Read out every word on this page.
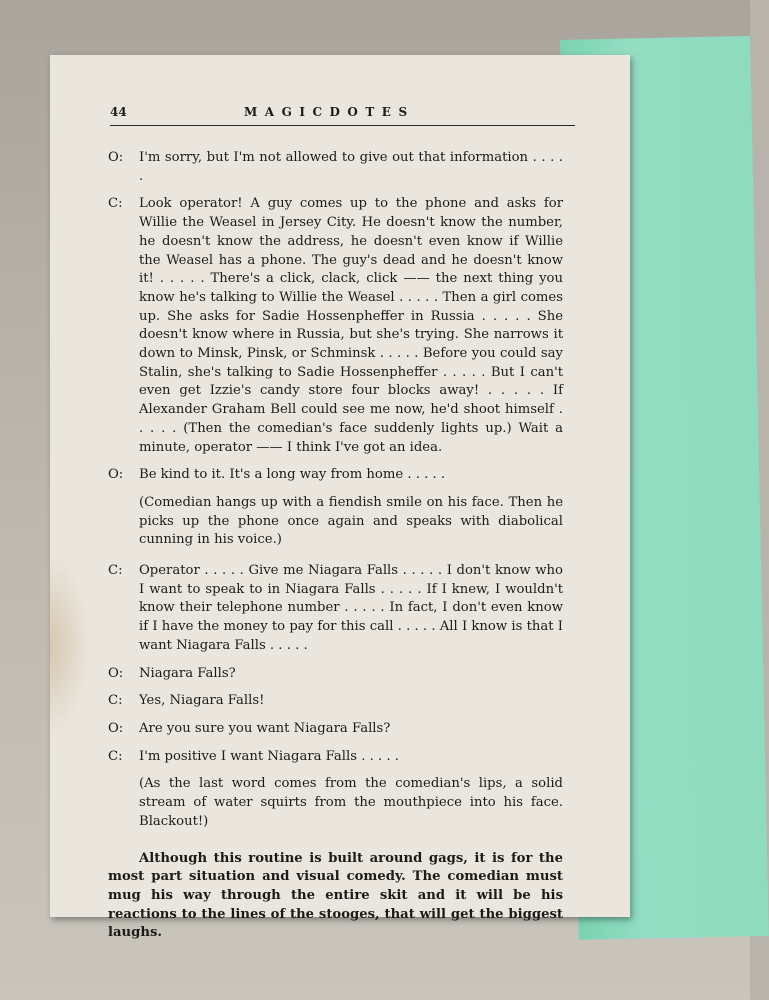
44	MAGICDOTES
O: I'm sorry, but I'm not allowed to give out that information . . . . .
C: Look operator! A guy comes up to the phone and asks for Willie the Weasel in Jersey City. He doesn't know the number, he doesn't know the address, he doesn't even know if Willie the Weasel has a phone. The guy's dead and he doesn't know it! . . . . . There's a click, clack, click —— the next thing you know he's talking to Willie the Weasel . . . . . Then a girl comes up. She asks for Sadie Hossenpheffer in Russia . . . . . She doesn't know where in Russia, but she's trying. She narrows it down to Minsk, Pinsk, or Schminsk . . . . . Before you could say Stalin, she's talking to Sadie Hossenpheffer . . . . . But I can't even get Izzie's candy store four blocks away! . . . . . If Alexander Graham Bell could see me now, he'd shoot himself . . . . . (Then the comedian's face suddenly lights up.) Wait a minute, operator —— I think I've got an idea.
O: Be kind to it. It's a long way from home . . . . .
(Comedian hangs up with a fiendish smile on his face. Then he picks up the phone once again and speaks with diabolical cunning in his voice.)
C: Operator . . . . . Give me Niagara Falls . . . . . I don't know who I want to speak to in Niagara Falls . . . . . If I knew, I wouldn't know their telephone number . . . . . In fact, I don't even know if I have the money to pay for this call . . . . . All I know is that I want Niagara Falls . . . . .
O: Niagara Falls?
C: Yes, Niagara Falls!
O: Are you sure you want Niagara Falls?
C: I'm positive I want Niagara Falls . . . . .
(As the last word comes from the comedian's lips, a solid stream of water squirts from the mouthpiece into his face. Blackout!)
Although this routine is built around gags, it is for the most part situation and visual comedy. The comedian must mug his way through the entire skit and it will be his reactions to the lines of the stooges, that will get the biggest laughs.
